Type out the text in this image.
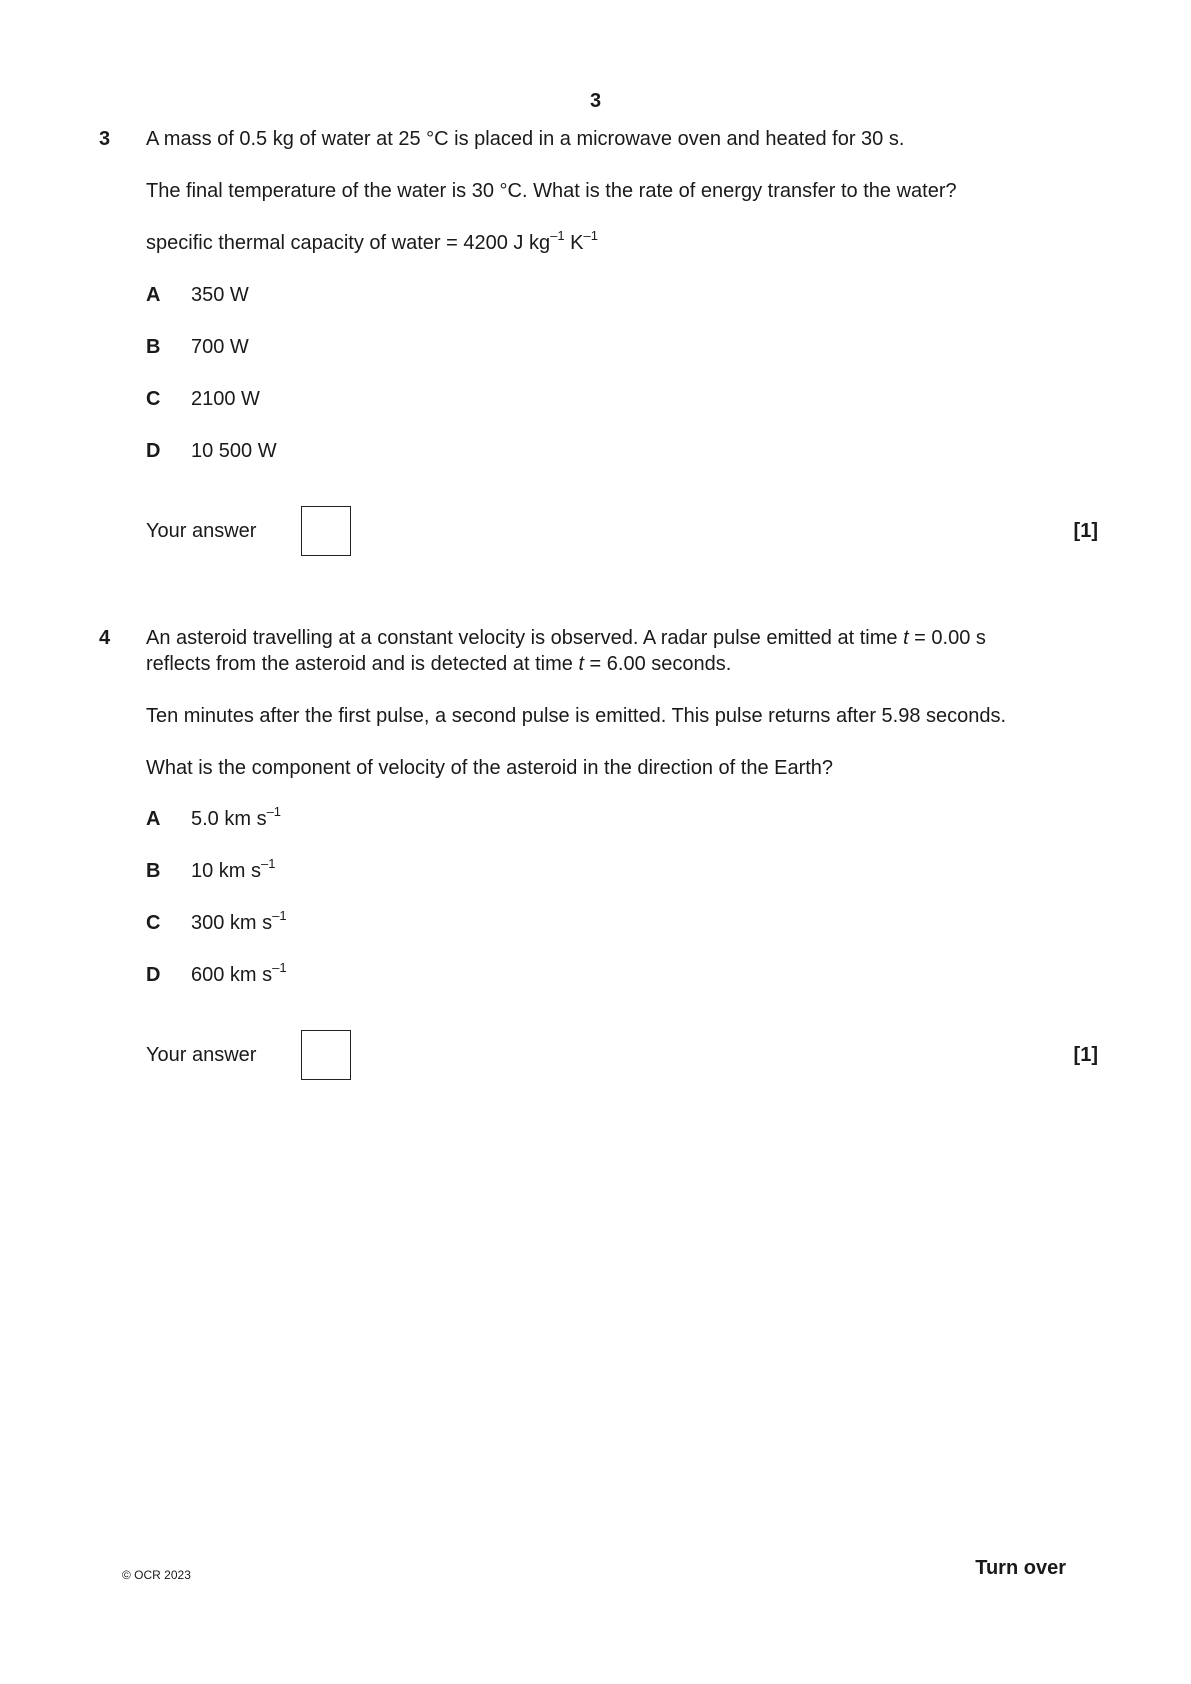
3
3 A mass of 0.5 kg of water at 25 °C is placed in a microwave oven and heated for 30 s.
The final temperature of the water is 30 °C. What is the rate of energy transfer to the water?
specific thermal capacity of water = 4200 J $kg^{-1}$ $K^{-1}$
A 350 W
B 700 W
C 2100 W
D 10 500 W
Your answer	[1]
4 An asteroid travelling at a constant velocity is observed. A radar pulse emitted at time t = 0.00 s
reflects from the asteroid and is detected at time t = 6.00 seconds.
Ten minutes after the first pulse, a second pulse is emitted. This pulse returns after 5.98 seconds.
What is the component of velocity of the asteroid in the direction of the Earth?
A 5.0 km $s^{-1}$
B 10 km $s^{-1}$
C 300 km $s^{-1}$
D 600 km $s^{-1}$
Your answer	[1]
© OCR 2023	Turn over
